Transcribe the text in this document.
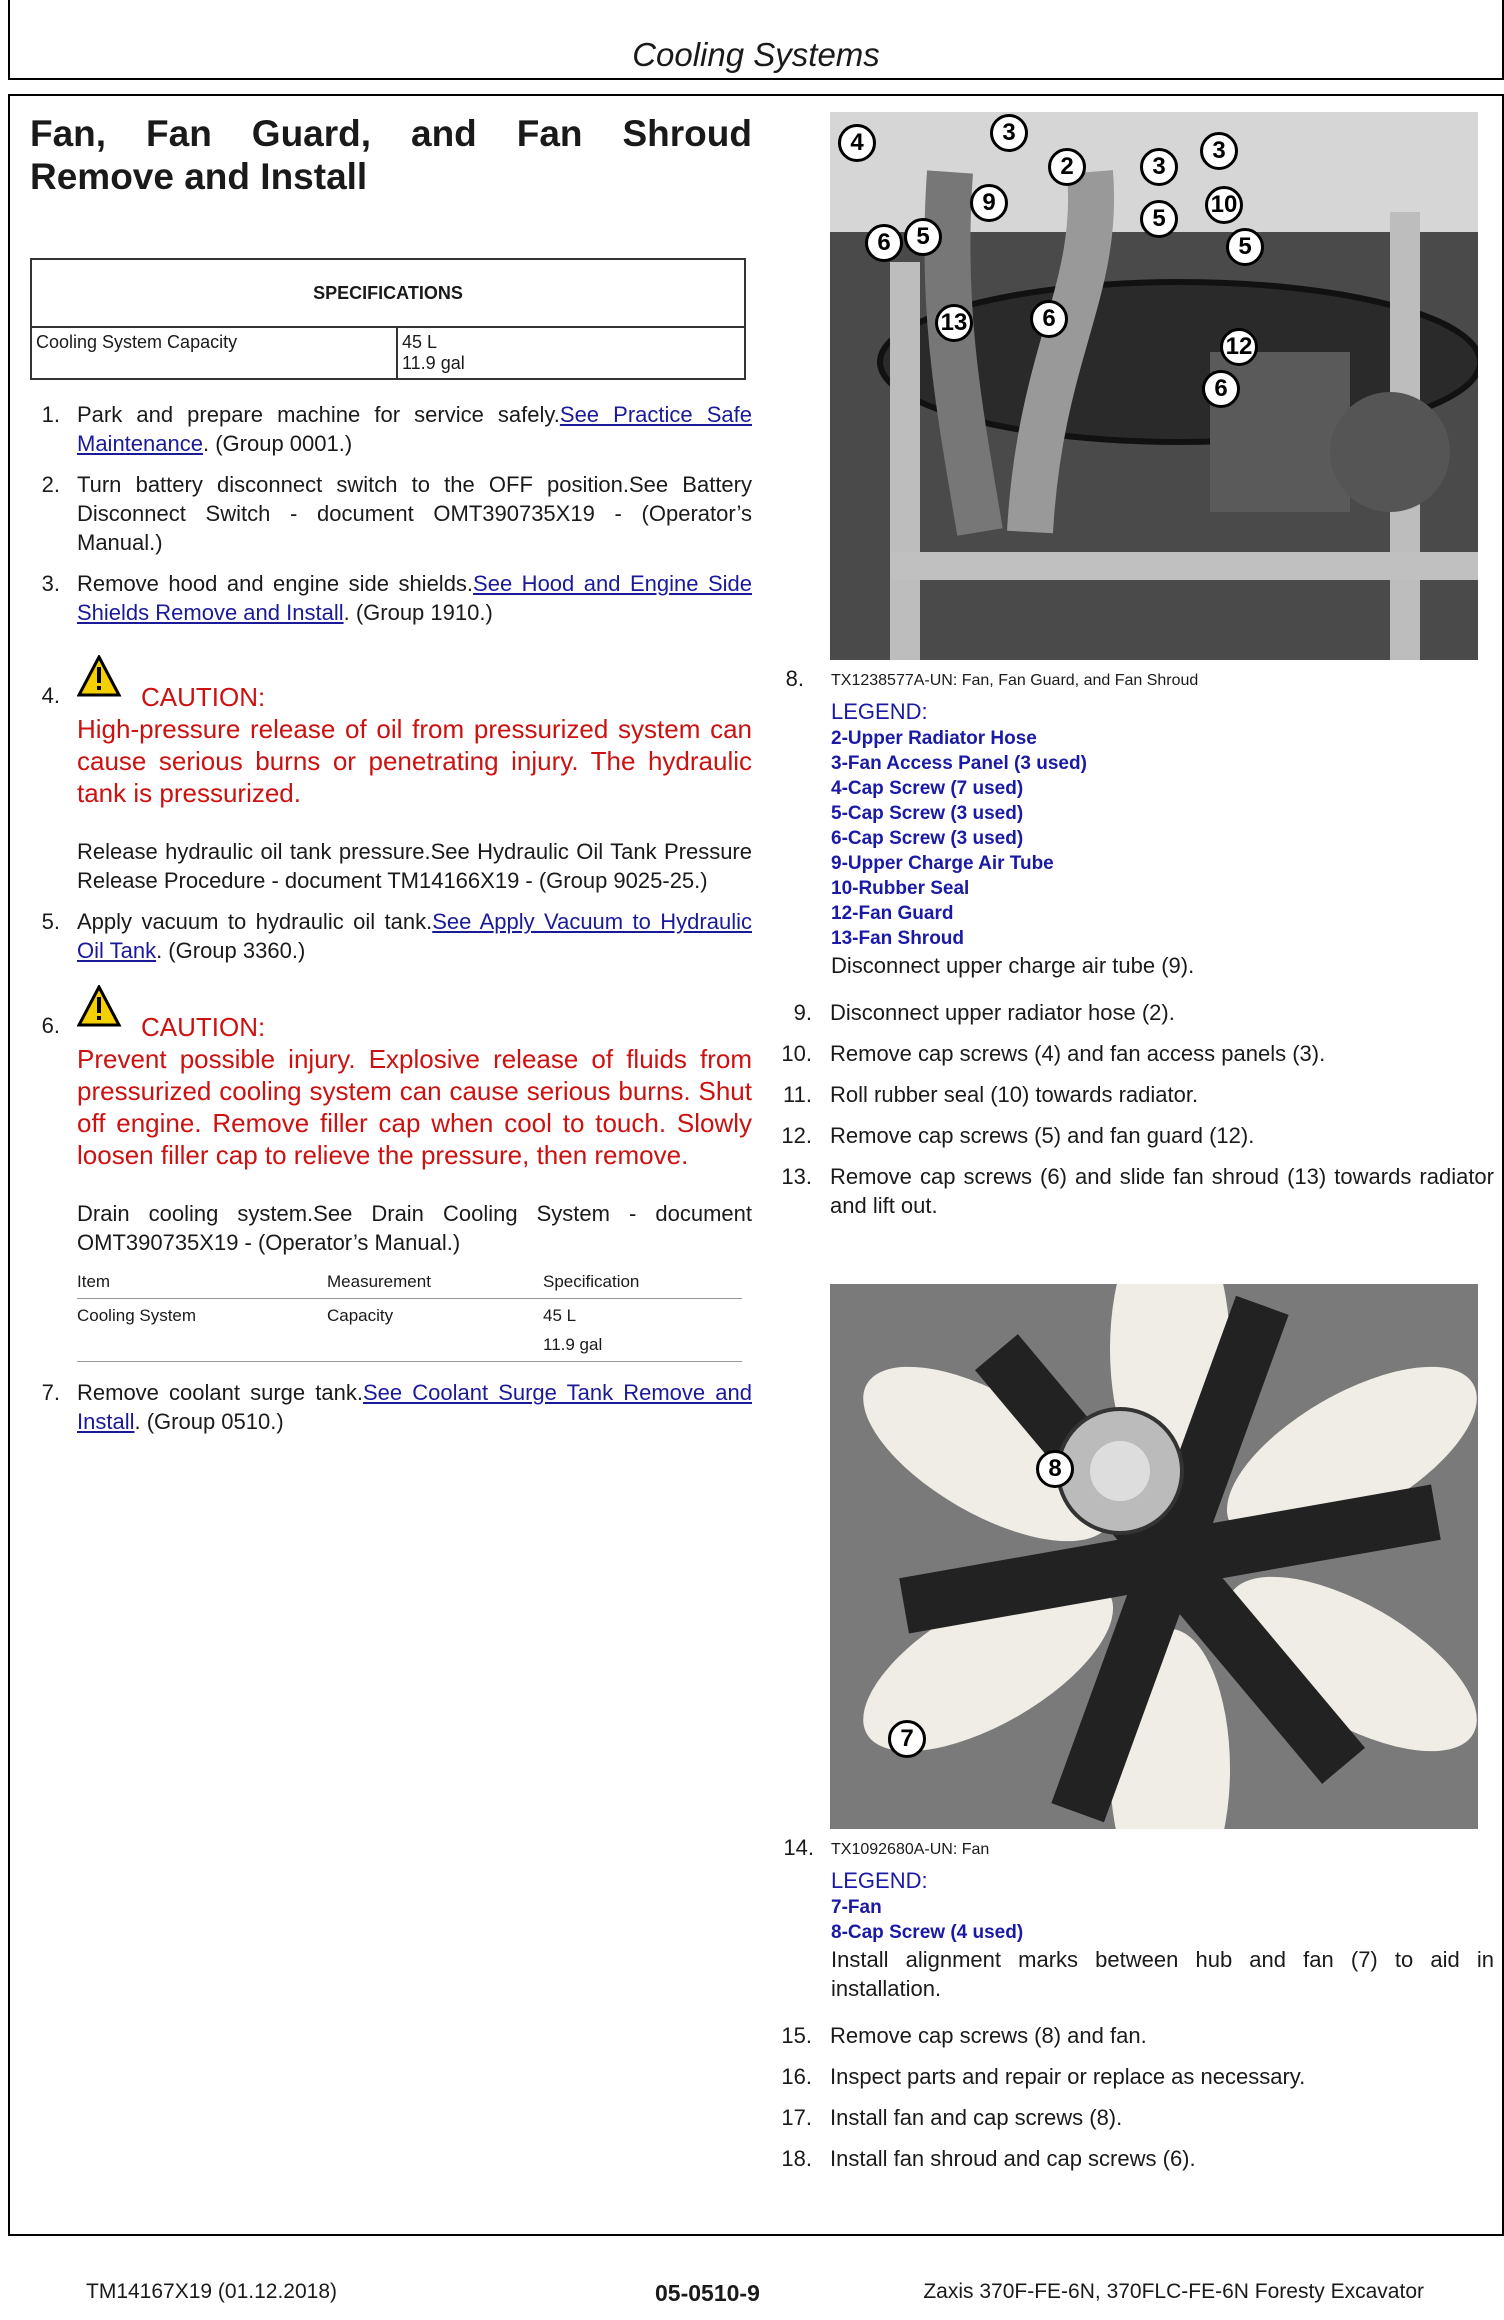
Cooling Systems
Fan, Fan Guard, and Fan Shroud Remove and Install
SPECIFICATIONS
Cooling System Capacity	45 L
11.9 gal
1. Park and prepare machine for service safely.See Practice Safe Maintenance. (Group 0001.)
2. Turn battery disconnect switch to the OFF position.See Battery Disconnect Switch - document OMT390735X19 - (Operator’s Manual.)
3. Remove hood and engine side shields.See Hood and Engine Side Shields Remove and Install. (Group 1910.)
4.	CAUTION:
High-pressure release of oil from pressurized system can cause serious burns or penetrating injury. The hydraulic tank is pressurized.
Release hydraulic oil tank pressure.See Hydraulic Oil Tank Pressure Release Procedure - document TM14166X19 - (Group 9025-25.)
5. Apply vacuum to hydraulic oil tank.See Apply Vacuum to Hydraulic Oil Tank. (Group 3360.)
6.	CAUTION:
Prevent possible injury. Explosive release of fluids from pressurized cooling system can cause serious burns. Shut off engine. Remove filler cap when cool to touch. Slowly loosen filler cap to relieve the pressure, then remove.
Drain cooling system.See Drain Cooling System - document OMT390735X19 - (Operator’s Manual.)
Item	Measurement	Specification
Cooling System	Capacity	45 L
11.9 gal
7. Remove coolant surge tank.See Coolant Surge Tank Remove and Install. (Group 0510.)
4	3
2	3
3
9	10
5
6	5	5
13	6
12
6
8. TX1238577A-UN: Fan, Fan Guard, and Fan Shroud
LEGEND:
2-Upper Radiator Hose
3-Fan Access Panel (3 used)
4-Cap Screw (7 used)
5-Cap Screw (3 used)
6-Cap Screw (3 used)
9-Upper Charge Air Tube
10-Rubber Seal
12-Fan Guard
13-Fan Shroud
Disconnect upper charge air tube (9).
9. Disconnect upper radiator hose (2).
10. Remove cap screws (4) and fan access panels (3).
11. Roll rubber seal (10) towards radiator.
12. Remove cap screws (5) and fan guard (12).
13. Remove cap screws (6) and slide fan shroud (13) towards radiator and lift out.
8
7
14. TX1092680A-UN: Fan
LEGEND:
7-Fan
8-Cap Screw (4 used)
Install alignment marks between hub and fan (7) to aid in installation.
15. Remove cap screws (8) and fan.
16. Inspect parts and repair or replace as necessary.
17. Install fan and cap screws (8).
18. Install fan shroud and cap screws (6).
TM14167X19 (01.12.2018)	05-0510-9	Zaxis 370F-FE-6N, 370FLC-FE-6N Foresty Excavator
